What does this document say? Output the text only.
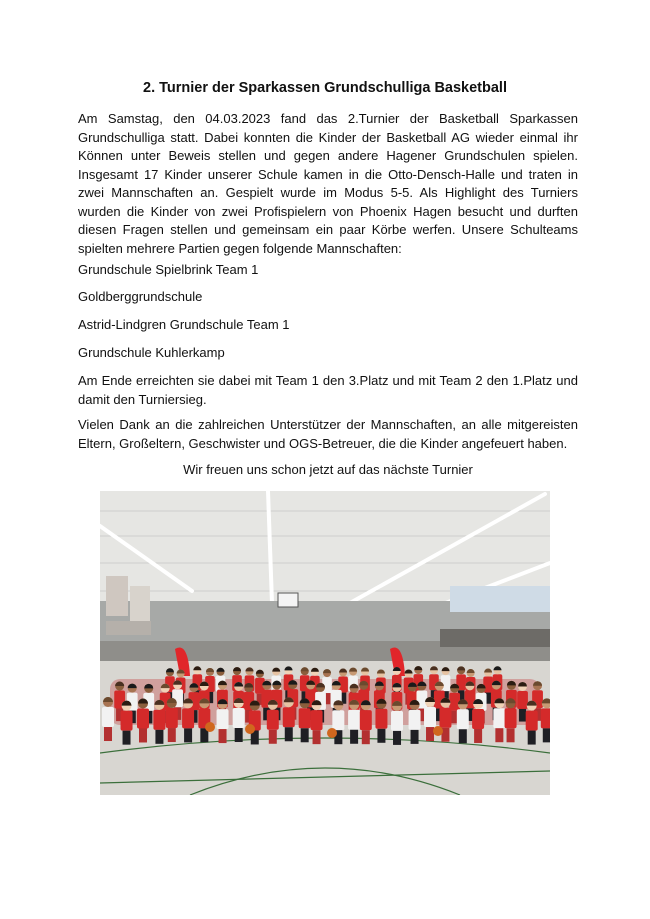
2. Turnier der Sparkassen Grundschulliga Basketball

Am Samstag, den 04.03.2023 fand das 2.Turnier der Basketball Sparkassen Grundschulliga statt. Dabei konnten die Kinder der Basketball AG wieder einmal ihr Können unter Beweis stellen und gegen andere Hagener Grundschulen spielen. Insgesamt 17 Kinder unserer Schule kamen in die Otto-Densch-Halle und traten in zwei Mannschaften an. Gespielt wurde im Modus 5-5. Als Highlight des Turniers wurden die Kinder von zwei Profispielern von Phoenix Hagen besucht und durften diesen Fragen stellen und gemeinsam ein paar Körbe werfen. Unsere Schulteams spielten mehrere Partien gegen folgende Mannschaften:

Grundschule Spielbrink Team 1
Goldberggrundschule
Astrid-Lindgren Grundschule Team 1
Grundschule Kuhlerkamp

Am Ende erreichten sie dabei mit Team 1 den 3.Platz und mit Team 2 den 1.Platz und damit den Turniersieg.

Vielen Dank an die zahlreichen Unterstützer der Mannschaften, an alle mitgereisten Eltern, Großeltern, Geschwister und OGS-Betreuer, die die Kinder angefeuert haben.

Wir freuen uns schon jetzt auf das nächste Turnier
